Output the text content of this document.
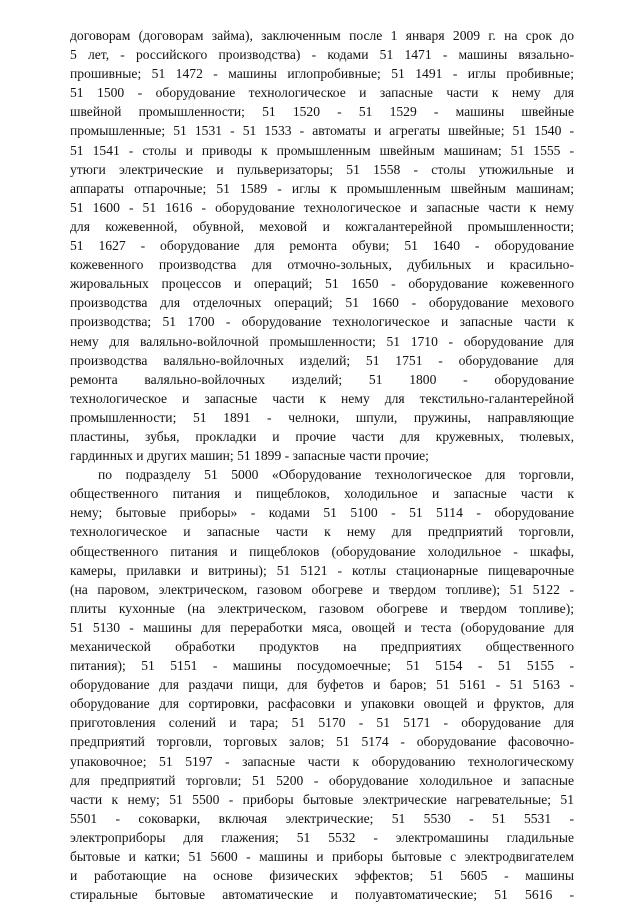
договорам (договорам займа), заключенным после 1 января 2009 г. на срок до
5 лет, - российского производства) - кодами 51 1471 - машины вязально-
прошивные; 51 1472 - машины иглопробивные; 51 1491 - иглы пробивные;
51 1500 - оборудование технологическое и запасные части к нему для
швейной промышленности; 51 1520 - 51 1529 - машины швейные
промышленные; 51 1531 - 51 1533 - автоматы и агрегаты швейные; 51 1540 -
51 1541 - столы и приводы к промышленным швейным машинам; 51 1555 -
утюги электрические и пульверизаторы; 51 1558 - столы утюжильные и
аппараты отпарочные; 51 1589 - иглы к промышленным швейным машинам;
51 1600 - 51 1616 - оборудование технологическое и запасные части к нему
для кожевенной, обувной, меховой и кожгалантерейной промышленности;
51 1627 - оборудование для ремонта обуви; 51 1640 - оборудование
кожевенного производства для отмочно-зольных, дубильных и красильно-
жировальных процессов и операций; 51 1650 - оборудование кожевенного
производства для отделочных операций; 51 1660 - оборудование мехового
производства; 51 1700 - оборудование технологическое и запасные части к
нему для валяльно-войлочной промышленности; 51 1710 - оборудование для
производства валяльно-войлочных изделий; 51 1751 - оборудование для
ремонта валяльно-войлочных изделий; 51 1800 - оборудование
технологическое и запасные части к нему для текстильно-галантерейной
промышленности; 51 1891 - челноки, шпули, пружины, направляющие
пластины, зубья, прокладки и прочие части для кружевных, тюлевых,
гардинных и других машин; 51 1899 - запасные части прочие;
по подразделу 51 5000 «Оборудование технологическое для торговли,
общественного питания и пищеблоков, холодильное и запасные части к
нему; бытовые приборы» - кодами 51 5100 - 51 5114 - оборудование
технологическое и запасные части к нему для предприятий торговли,
общественного питания и пищеблоков (оборудование холодильное - шкафы,
камеры, прилавки и витрины); 51 5121 - котлы стационарные пищеварочные
(на паровом, электрическом, газовом обогреве и твердом топливе); 51 5122 -
плиты кухонные (на электрическом, газовом обогреве и твердом топливе);
51 5130 - машины для переработки мяса, овощей и теста (оборудование для
механической обработки продуктов на предприятиях общественного
питания); 51 5151 - машины посудомоечные; 51 5154 - 51 5155 -
оборудование для раздачи пищи, для буфетов и баров; 51 5161 - 51 5163 -
оборудование для сортировки, расфасовки и упаковки овощей и фруктов, для
приготовления солений и тара; 51 5170 - 51 5171 - оборудование для
предприятий торговли, торговых залов; 51 5174 - оборудование фасовочно-
упаковочное; 51 5197 - запасные части к оборудованию технологическому
для предприятий торговли; 51 5200 - оборудование холодильное и запасные
части к нему; 51 5500 - приборы бытовые электрические нагревательные; 51
5501 - соковарки, включая электрические; 51 5530 - 51 5531 -
электроприборы для глажения; 51 5532 - электромашины гладильные
бытовые и катки; 51 5600 - машины и приборы бытовые с электродвигателем
и работающие на основе физических эффектов; 51 5605 - машины
стиральные бытовые автоматические и полуавтоматические; 51 5616 -
